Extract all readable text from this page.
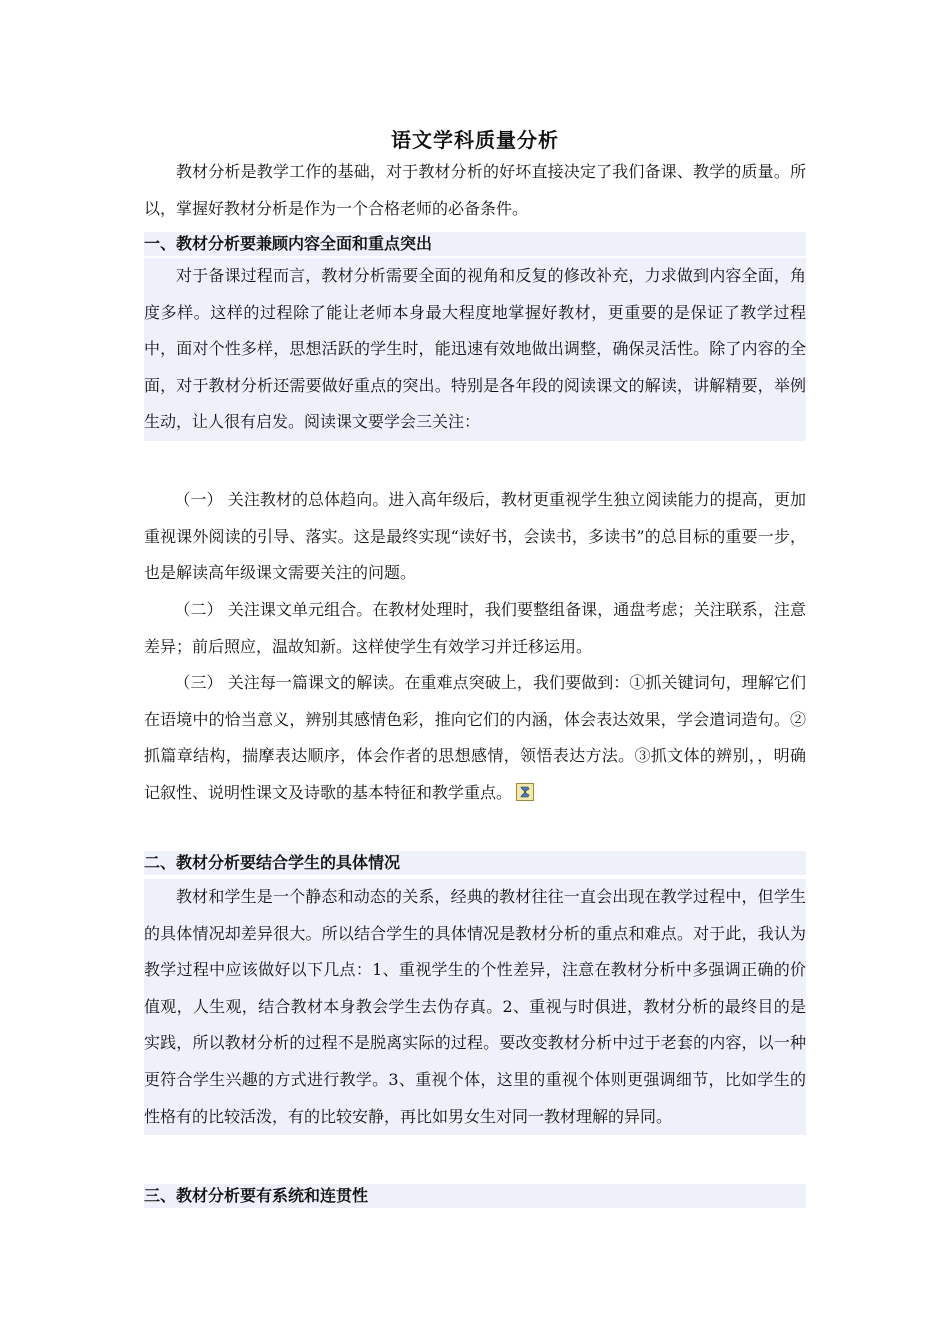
语文学科质量分析

教材分析是教学工作的基础，对于教材分析的好坏直接决定了我们备课、教学的质量。所以，掌握好教材分析是作为一个合格老师的必备条件。

一、教材分析要兼顾内容全面和重点突出

对于备课过程而言，教材分析需要全面的视角和反复的修改补充，力求做到内容全面，角度多样。这样的过程除了能让老师本身最大程度地掌握好教材，更重要的是保证了教学过程中，面对个性多样，思想活跃的学生时，能迅速有效地做出调整，确保灵活性。除了内容的全面，对于教材分析还需要做好重点的突出。特别是各年段的阅读课文的解读，讲解精要，举例生动，让人很有启发。阅读课文要学会三关注：

（一） 关注教材的总体趋向。进入高年级后，教材更重视学生独立阅读能力的提高，更加重视课外阅读的引导、落实。这是最终实现“读好书，会读书，多读书”的总目标的重要一步，也是解读高年级课文需要关注的问题。

（二） 关注课文单元组合。在教材处理时，我们要整组备课，通盘考虑；关注联系，注意差异；前后照应，温故知新。这样使学生有效学习并迁移运用。

（三） 关注每一篇课文的解读。在重难点突破上，我们要做到：①抓关键词句，理解它们在语境中的恰当意义，辨别其感情色彩，推向它们的内涵，体会表达效果，学会遣词造句。②抓篇章结构，揣摩表达顺序，体会作者的思想感情，领悟表达方法。③抓文体的辨别，，明确记叙性、说明性课文及诗歌的基本特征和教学重点。
二、教材分析要结合学生的具体情况

教材和学生是一个静态和动态的关系，经典的教材往往一直会出现在教学过程中，但学生的具体情况却差异很大。所以结合学生的具体情况是教材分析的重点和难点。对于此，我认为教学过程中应该做好以下几点：1、重视学生的个性差异，注意在教材分析中多强调正确的价值观，人生观，结合教材本身教会学生去伪存真。2、重视与时俱进，教材分析的最终目的是实践，所以教材分析的过程不是脱离实际的过程。要改变教材分析中过于老套的内容，以一种更符合学生兴趣的方式进行教学。3、重视个体，这里的重视个体则更强调细节，比如学生的性格有的比较活泼，有的比较安静，再比如男女生对同一教材理解的异同。

三、教材分析要有系统和连贯性
